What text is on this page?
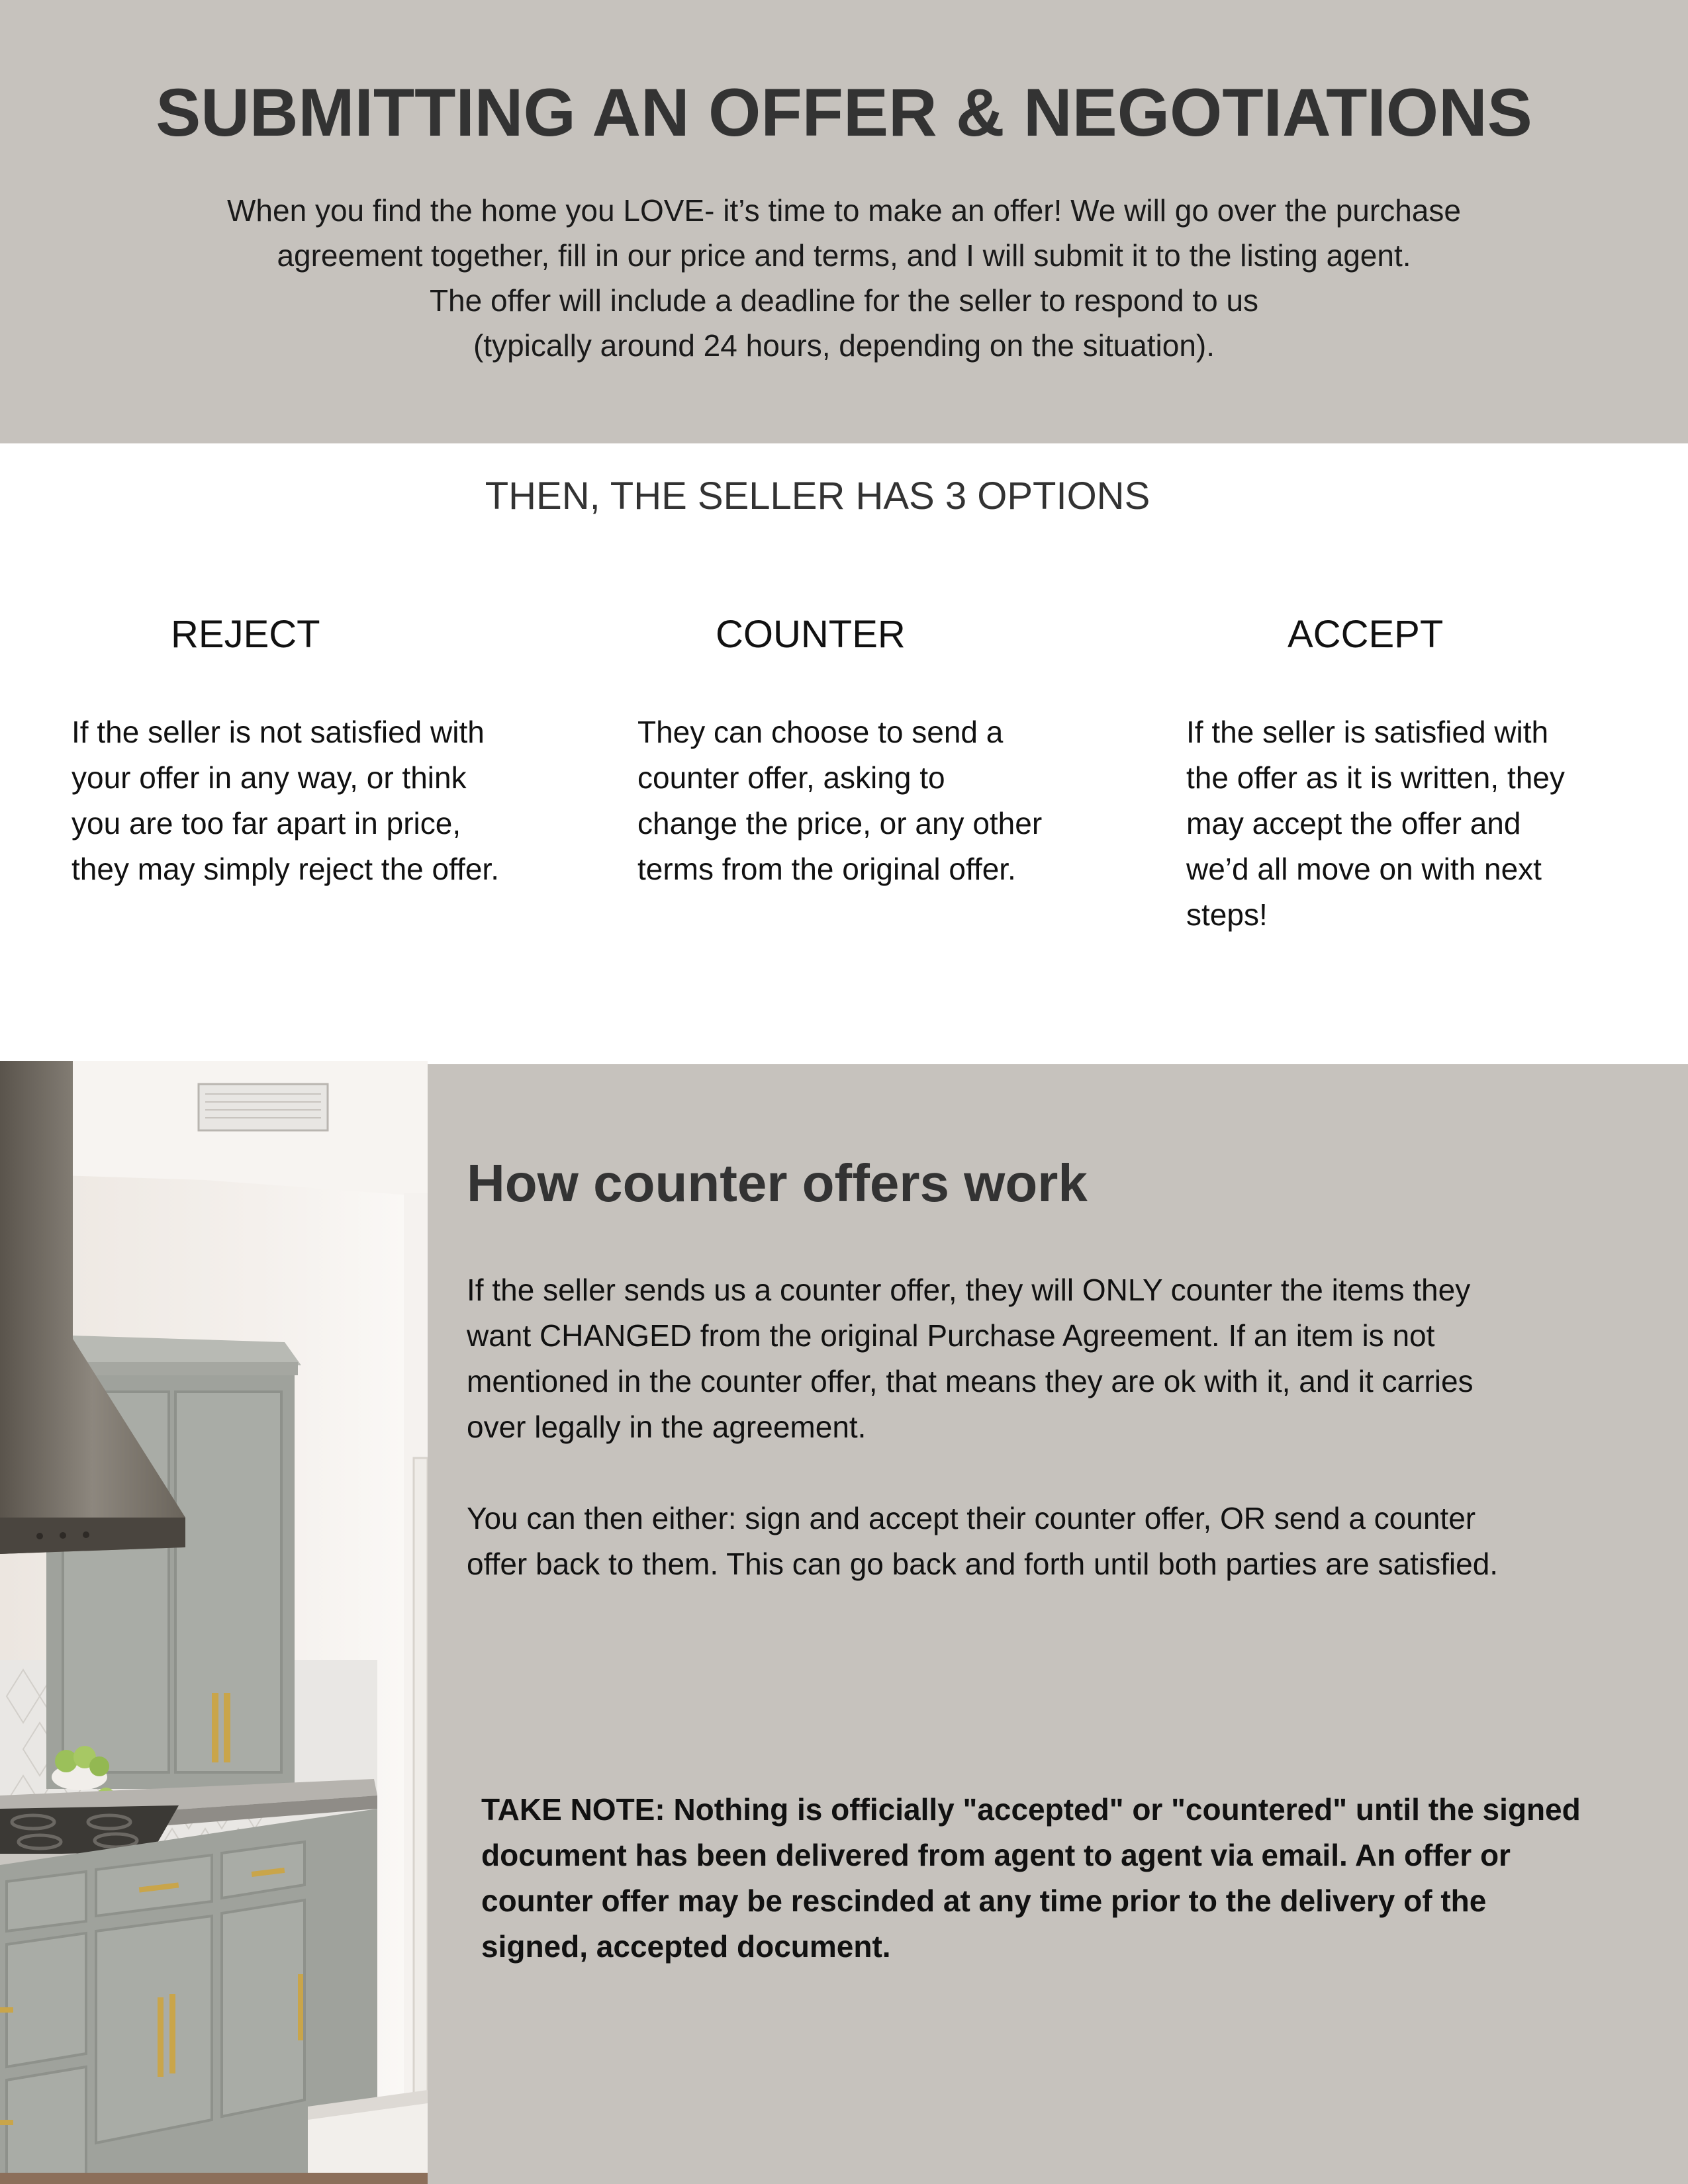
SUBMITTING AN OFFER & NEGOTIATIONS
When you find the home you LOVE- it’s time to make an offer! We will go over the purchase
agreement together, fill in our price and terms, and I will submit it to the listing agent.
The offer will include a deadline for the seller to respond to us
(typically around 24 hours, depending on the situation).
THEN, THE SELLER HAS 3 OPTIONS
REJECT
If the seller is not satisfied with
your offer in any way, or think
you are too far apart in price,
they may simply reject the offer.
COUNTER
They can choose to send a
counter offer, asking to
change the price, or any other
terms from the original offer.
ACCEPT
If the seller is satisfied with
the offer as it is written, they
may accept the offer and
we’d all move on with next
steps!
How counter offers work
If the seller sends us a counter offer, they will ONLY counter the items they
want CHANGED from the original Purchase Agreement. If an item is not
mentioned in the counter offer, that means they are ok with it, and it carries
over legally in the agreement.
You can then either: sign and accept their counter offer, OR send a counter
offer back to them. This can go back and forth until both parties are satisfied.
TAKE NOTE: Nothing is officially "accepted" or "countered" until the signed
document has been delivered from agent to agent via email. An offer or
counter offer may be rescinded at any time prior to the delivery of the
signed, accepted document.
